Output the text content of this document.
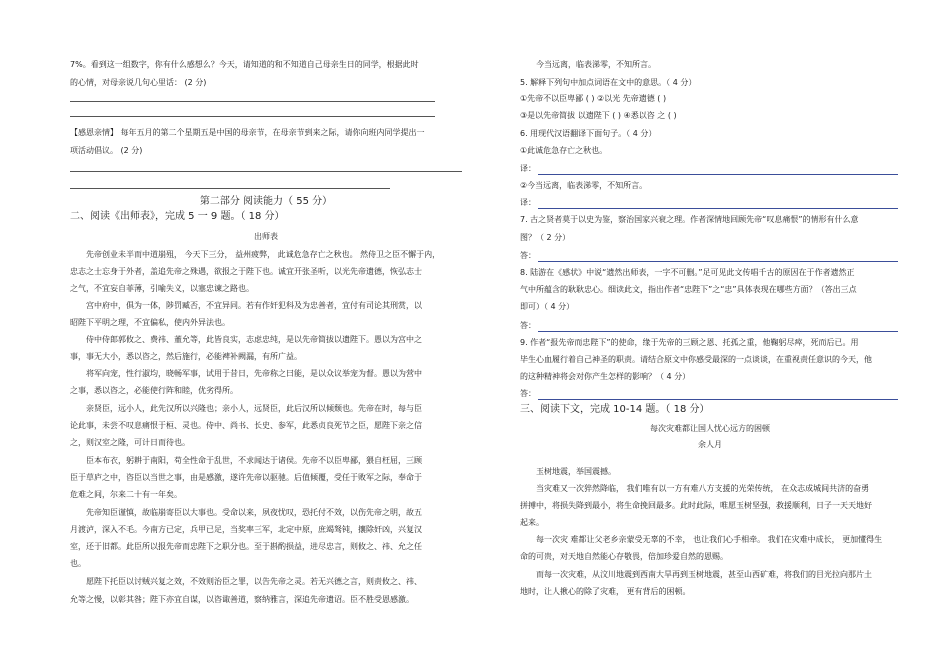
7%。看到这一组数字，你有什么感想么？今天，请知道的和不知道自己母亲生日的同学，根据此时
的心情，对母亲说几句心里话： (2 分)
【感恩亲情】 每年五月的第二个星期五是中国的母亲节，在母亲节到来之际，请你向班内同学提出一
项活动倡议。 (2 分)
第二部分 阅读能力（ 55 分）
二、阅读《出师表》，完成 5 一 9 题。（ 18 分）
出师表
先帝创业未半而中道崩殂， 今天下三分， 益州疲弊， 此诚危急存亡之秋也。 然侍卫之臣不懈于内，
忠志之士忘身于外者，盖追先帝之殊遇，欲报之于陛下也。诚宜开张圣听，以光先帝遗德，恢弘志士
之气，不宜妄自菲薄，引喻失义，以塞忠谏之路也。
宫中府中，俱为一体，陟罚臧否，不宜异同。若有作奸犯科及为忠善者，宜付有司论其刑赏，以
昭陛下平明之理，不宜偏私，使内外异法也。
侍中侍郎郭攸之、费祎、董允等，此皆良实，志虑忠纯，是以先帝简拔以遗陛下。愚以为宫中之
事，事无大小，悉以咨之，然后施行，必能裨补阙漏，有所广益。
将军向宠，性行淑均，晓畅军事，试用于昔日，先帝称之曰能，是以众议举宠为督。愚以为营中
之事，悉以咨之，必能使行阵和睦，优劣得所。
亲贤臣，远小人，此先汉所以兴隆也；亲小人，远贤臣，此后汉所以倾颓也。先帝在时，每与臣
论此事，未尝不叹息痛恨于桓、灵也。侍中、尚书、长史、参军，此悉贞良死节之臣，愿陛下亲之信
之，则汉室之隆，可计日而待也。
臣本布衣，躬耕于南阳，苟全性命于乱世，不求闻达于诸侯。先帝不以臣卑鄙，猥自枉屈，三顾
臣于草庐之中，咨臣以当世之事，由是感激，遂许先帝以驱驰。后值倾覆，受任于败军之际，奉命于
危难之间，尔来二十有一年矣。
先帝知臣谨慎，故临崩寄臣以大事也。受命以来，夙夜忧叹，恐托付不效，以伤先帝之明，故五
月渡泸，深入不毛。今南方已定，兵甲已足，当奖率三军，北定中原，庶竭驽钝，攘除奸凶，兴复汉
室，还于旧都。此臣所以报先帝而忠陛下之职分也。至于斟酌损益，进尽忠言，则攸之、祎、允之任
也。
愿陛下托臣以讨贼兴复之效，不效则治臣之罪，以告先帝之灵。若无兴德之言，则责攸之、祎、
允等之慢，以彰其咎；陛下亦宜自谋，以咨诹善道，察纳雅言，深追先帝遗诏。臣不胜受恩感激。
今当远离，临表涕零，不知所言。
5. 解释下列句中加点词语在文中的意思。（ 4 分）
①先帝不以臣卑鄙 ( ) ②以光 先帝遗德 ( )
③是以先帝简拔 以遗陛下 ( ) ④悉以咨 之 ( )
6. 用现代汉语翻译下面句子。（ 4 分）
①此诚危急存亡之秋也。
译：
②今当远离，临表涕零，不知所言。
译：
7. 古之贤者莫于以史为鉴，察治国家兴衰之理。作者深情地回顾先帝“叹息痛恨”的情形有什么意
图？（ 2 分）
答：
8. 陆游在《感状》中说“遗然出师表，一字不可删。”足可见此文传唱千古的原因在于作者遗然正
气中所蕴含的耿耿忠心。细读此文，指出作者“忠陛下”之“忠”具体表现在哪些方面？（答出三点
即可）（ 4 分）
答：
9. 作者“报先帝而忠陛下”的使命，缘于先帝的三顾之恩、托孤之重，他鞠躬尽瘁，死而后已。用
毕生心血履行着自己神圣的职责。请结合原文中你感受最深的一点谈谈，在重视责任意识的今天，他
的这种精神将会对你产生怎样的影响？（ 4 分）
答：
三、阅读下文，完成 10-14 题。（ 18 分）
每次灾难都让国人忧心远方的困顿
余人月
玉树地震，举国震撼。
当灾难又一次猝然降临， 我们唯有以一方有难八方支援的光荣传统， 在众志成城间共济的奋勇
拼搏中，将损失降到最小，将生命挽回最多。此时此际，唯愿玉树坚强，救援顺利，日子一天天地好
起来。
每一次灾 难都让父老乡亲蒙受无辜的不幸， 也让我们心手相牵。 我们在灾难中成长， 更加懂得生
命的可贵，对天地自然能心存敬畏，倍加珍爱自然的恩赐。
而每一次灾难，从汶川地震到西南大旱再到玉树地震，甚至山西矿难，将我们的目光拉向那片土
地时，让人揪心的除了灾难， 更有背后的困顿。
